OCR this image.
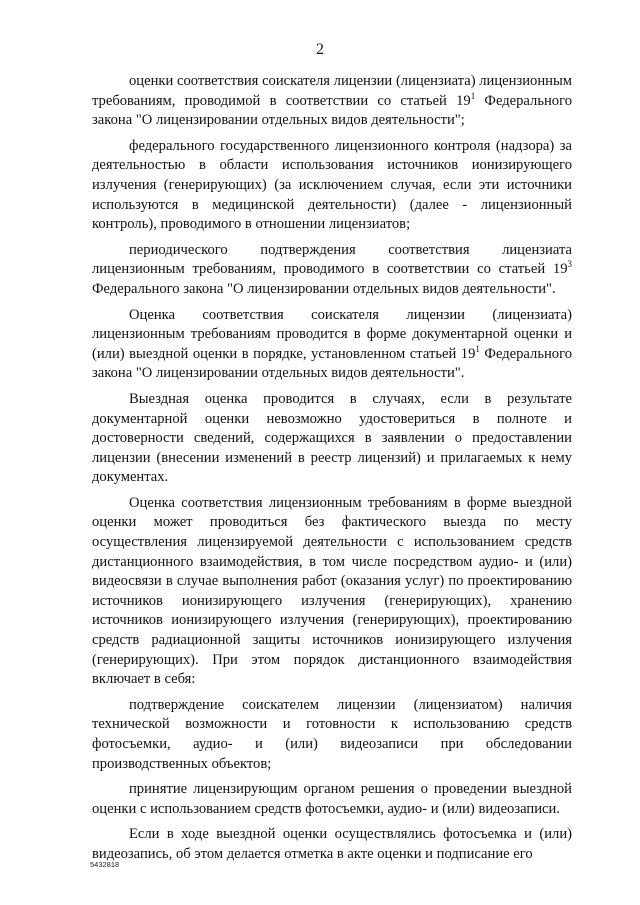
2

оценки соответствия соискателя лицензии (лицензиата) лицензионным требованиям, проводимой в соответствии со статьей $19^1$ Федерального закона "О лицензировании отдельных видов деятельности";

федерального государственного лицензионного контроля (надзора) за деятельностью в области использования источников ионизирующего излучения (генерирующих) (за исключением случая, если эти источники используются в медицинской деятельности) (далее - лицензионный контроль), проводимого в отношении лицензиатов;

периодического подтверждения соответствия лицензиата лицензионным требованиям, проводимого в соответствии со статьей $19^3$ Федерального закона "О лицензировании отдельных видов деятельности".

Оценка соответствия соискателя лицензии (лицензиата) лицензионным требованиям проводится в форме документарной оценки и (или) выездной оценки в порядке, установленном статьей $19^1$ Федерального закона "О лицензировании отдельных видов деятельности".

Выездная оценка проводится в случаях, если в результате документарной оценки невозможно удостовериться в полноте и достоверности сведений, содержащихся в заявлении о предоставлении лицензии (внесении изменений в реестр лицензий) и прилагаемых к нему документах.

Оценка соответствия лицензионным требованиям в форме выездной оценки может проводиться без фактического выезда по месту осуществления лицензируемой деятельности с использованием средств дистанционного взаимодействия, в том числе посредством аудио- и (или) видеосвязи в случае выполнения работ (оказания услуг) по проектированию источников ионизирующего излучения (генерирующих), хранению источников ионизирующего излучения (генерирующих), проектированию средств радиационной защиты источников ионизирующего излучения (генерирующих). При этом порядок дистанционного взаимодействия включает в себя:

подтверждение соискателем лицензии (лицензиатом) наличия технической возможности и готовности к использованию средств фотосъемки, аудио- и (или) видеозаписи при обследовании производственных объектов;

принятие лицензирующим органом решения о проведении выездной оценки с использованием средств фотосъемки, аудио- и (или) видеозаписи.

Если в ходе выездной оценки осуществлялись фотосъемка и (или) видеозапись, об этом делается отметка в акте оценки и подписание его

5432818
